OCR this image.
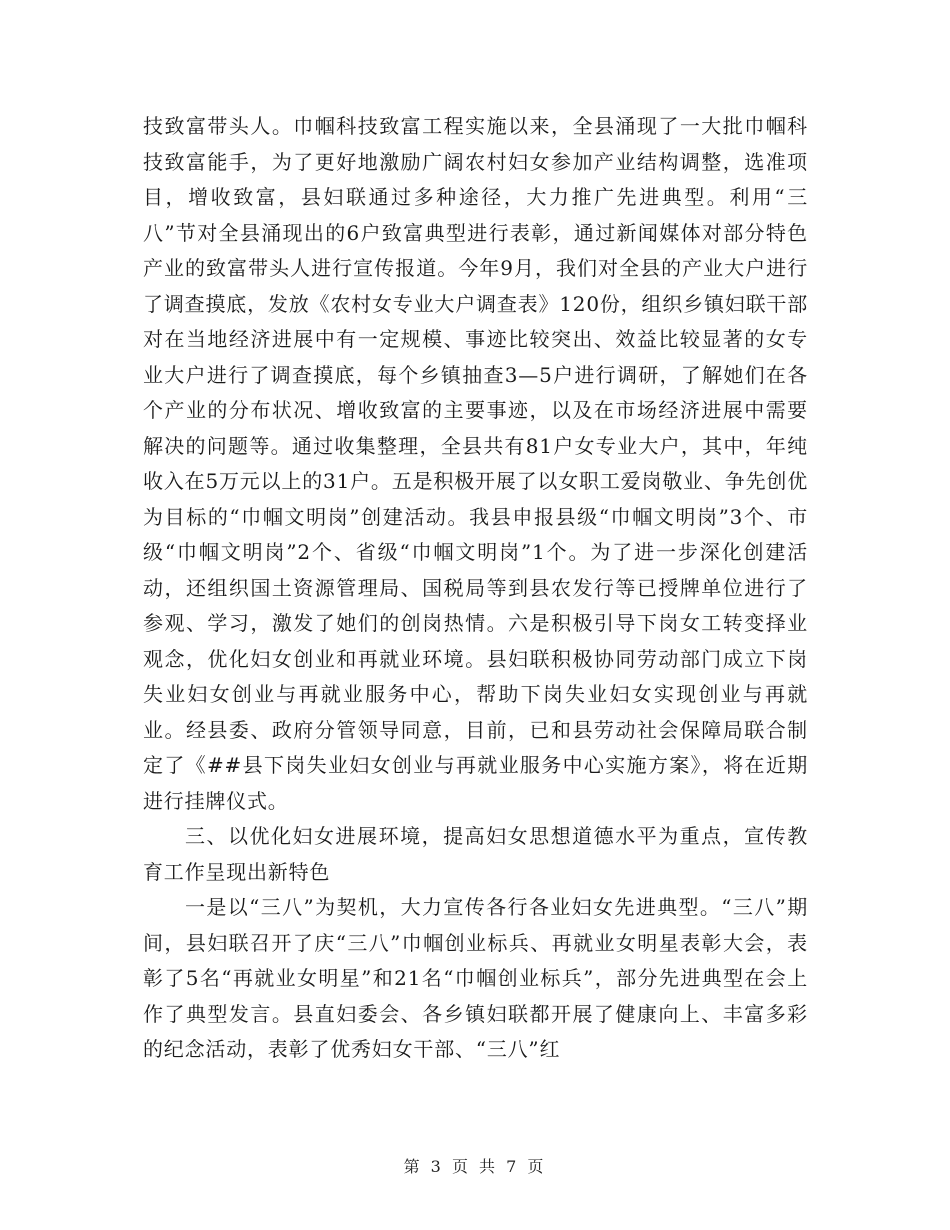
技致富带头人。巾帼科技致富工程实施以来，全县涌现了一大批巾帼科技致富能手，为了更好地激励广阔农村妇女参加产业结构调整，选准项目，增收致富，县妇联通过多种途径，大力推广先进典型。利用“三八”节对全县涌现出的6户致富典型进行表彰，通过新闻媒体对部分特色产业的致富带头人进行宣传报道。今年9月，我们对全县的产业大户进行了调查摸底，发放《农村女专业大户调查表》120份，组织乡镇妇联干部对在当地经济进展中有一定规模、事迹比较突出、效益比较显著的女专业大户进行了调查摸底，每个乡镇抽查3—5户进行调研，了解她们在各个产业的分布状况、增收致富的主要事迹，以及在市场经济进展中需要解决的问题等。通过收集整理，全县共有81户女专业大户，其中，年纯收入在5万元以上的31户。五是积极开展了以女职工爱岗敬业、争先创优为目标的“巾帼文明岗”创建活动。我县申报县级“巾帼文明岗”3个、市级“巾帼文明岗”2个、省级“巾帼文明岗”1个。为了进一步深化创建活动，还组织国土资源管理局、国税局等到县农发行等已授牌单位进行了参观、学习，激发了她们的创岗热情。六是积极引导下岗女工转变择业观念，优化妇女创业和再就业环境。县妇联积极协同劳动部门成立下岗失业妇女创业与再就业服务中心，帮助下岗失业妇女实现创业与再就业。经县委、政府分管领导同意，目前，已和县劳动社会保障局联合制定了《##县下岗失业妇女创业与再就业服务中心实施方案》，将在近期进行挂牌仪式。

三、以优化妇女进展环境，提高妇女思想道德水平为重点，宣传教育工作呈现出新特色

一是以“三八”为契机，大力宣传各行各业妇女先进典型。“三八”期间，县妇联召开了庆“三八”巾帼创业标兵、再就业女明星表彰大会，表彰了5名“再就业女明星”和21名“巾帼创业标兵”，部分先进典型在会上作了典型发言。县直妇委会、各乡镇妇联都开展了健康向上、丰富多彩的纪念活动，表彰了优秀妇女干部、“三八”红

第 3 页 共 7 页
